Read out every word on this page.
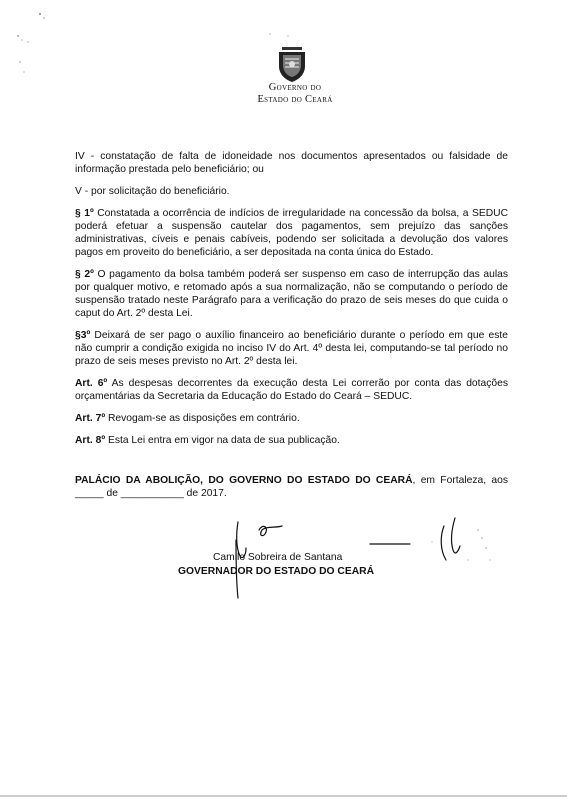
Governo do
Estado do Ceará

IV - constatação de falta de idoneidade nos documentos apresentados ou falsidade de informação prestada pelo beneficiário; ou

V - por solicitação do beneficiário.

§ 1º Constatada a ocorrência de indícios de irregularidade na concessão da bolsa, a SEDUC poderá efetuar a suspensão cautelar dos pagamentos, sem prejuízo das sanções administrativas, cíveis e penais cabíveis, podendo ser solicitada a devolução dos valores pagos em proveito do beneficiário, a ser depositada na conta única do Estado.

§ 2º O pagamento da bolsa também poderá ser suspenso em caso de interrupção das aulas por qualquer motivo, e retomado após a sua normalização, não se computando o período de suspensão tratado neste Parágrafo para a verificação do prazo de seis meses do que cuida o caput do Art. 2º desta Lei.

§3º Deixará de ser pago o auxílio financeiro ao beneficiário durante o período em que este não cumprir a condição exigida no inciso IV do Art. 4º desta lei, computando-se tal período no prazo de seis meses previsto no Art. 2º desta lei.

Art. 6º As despesas decorrentes da execução desta Lei correrão por conta das dotações orçamentárias da Secretaria da Educação do Estado do Ceará – SEDUC.

Art. 7º Revogam-se as disposições em contrário.

Art. 8º Esta Lei entra em vigor na data de sua publicação.

PALÁCIO DA ABOLIÇÃO, DO GOVERNO DO ESTADO DO CEARÁ, em Fortaleza, aos _____ de ___________ de 2017.
Camilo Sobreira de Santana
GOVERNADOR DO ESTADO DO CEARÁ
